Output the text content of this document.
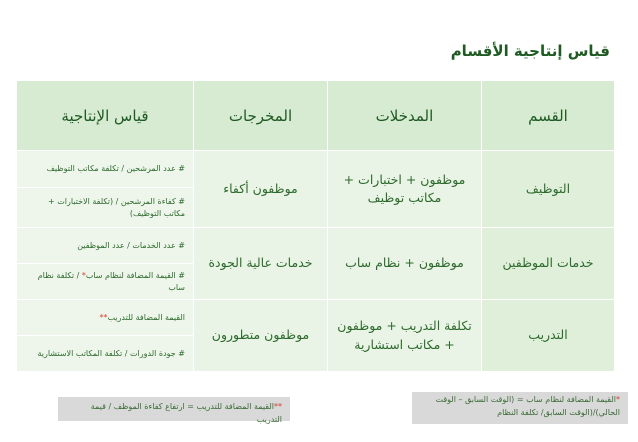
قياس إنتاجية الأقسام
القسم	المدخلات	المخرجات	قياس الإنتاجية
التوظيف	موظفون + اختبارات + مكاتب توظيف	موظفون أكفاء	# عدد المرشحين / تكلفة مكاتب التوظيف
			# كفاءة المرشحين / (تكلفة الاختبارات + مكاتب التوظيف)
خدمات الموظفين	موظفون + نظام ساب	خدمات عالية الجودة	# عدد الخدمات / عدد الموظفين
			# القيمة المضافة لنظام ساب* / تكلفة نظام ساب
التدريب	تكلفة التدريب + موظفون + مكاتب استشارية	موظفون متطورون	القيمة المضافة للتدريب**
			# جودة الدورات / تكلفة المكاتب الاستشارية
*القيمة المضافة لنظام ساب = (الوقت السابق – الوقت
الحالي)/(الوقت السابق/ تكلفة النظام
**القيمة المضافة للتدريب = ارتفاع كفاءة الموظف / قيمة التدريب
